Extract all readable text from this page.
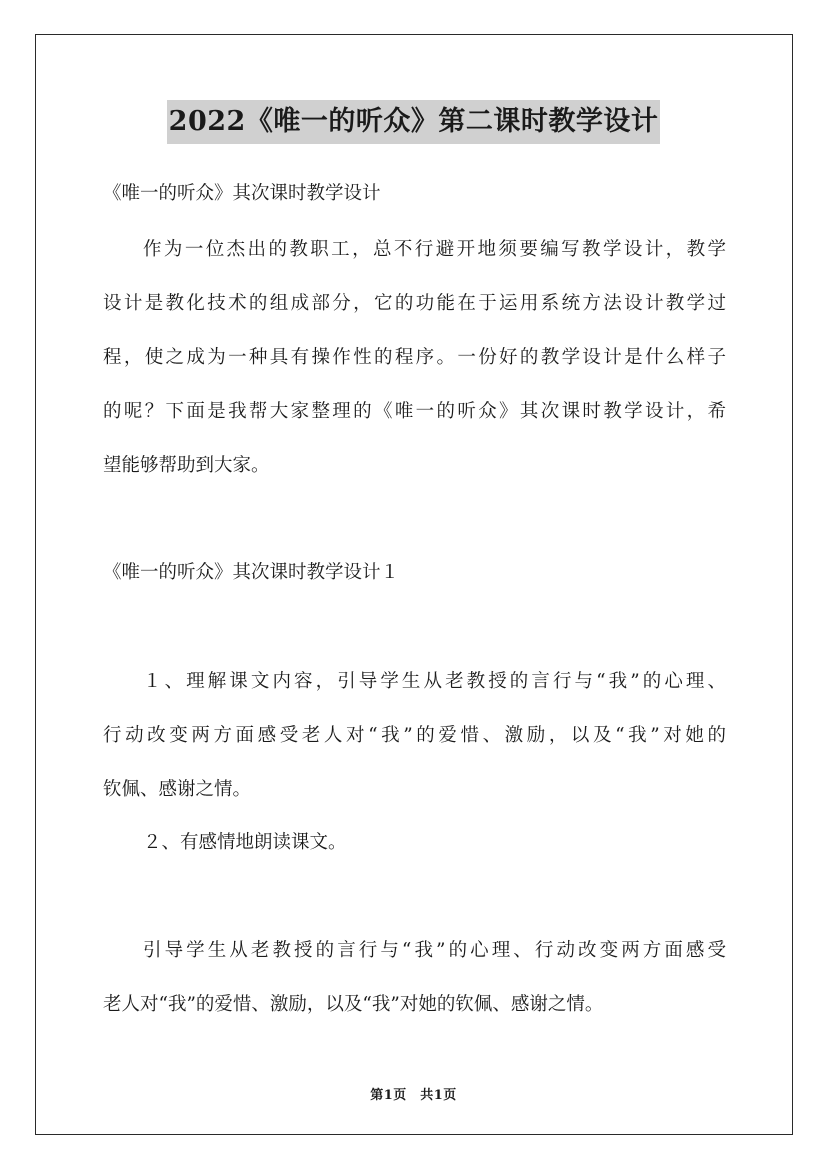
2022《唯一的听众》第二课时教学设计
《唯一的听众》其次课时教学设计
作为一位杰出的教职工，总不行避开地须要编写教学设计，教学
设计是教化技术的组成部分，它的功能在于运用系统方法设计教学过
程，使之成为一种具有操作性的程序。一份好的教学设计是什么样子
的呢？下面是我帮大家整理的《唯一的听众》其次课时教学设计，希
望能够帮助到大家。
《唯一的听众》其次课时教学设计１
１、理解课文内容，引导学生从老教授的言行与“我”的心理、
行动改变两方面感受老人对“我”的爱惜、激励，以及“我”对她的
钦佩、感谢之情。
２、有感情地朗读课文。
引导学生从老教授的言行与“我”的心理、行动改变两方面感受
老人对“我”的爱惜、激励，以及“我”对她的钦佩、感谢之情。
第1页　共1页
